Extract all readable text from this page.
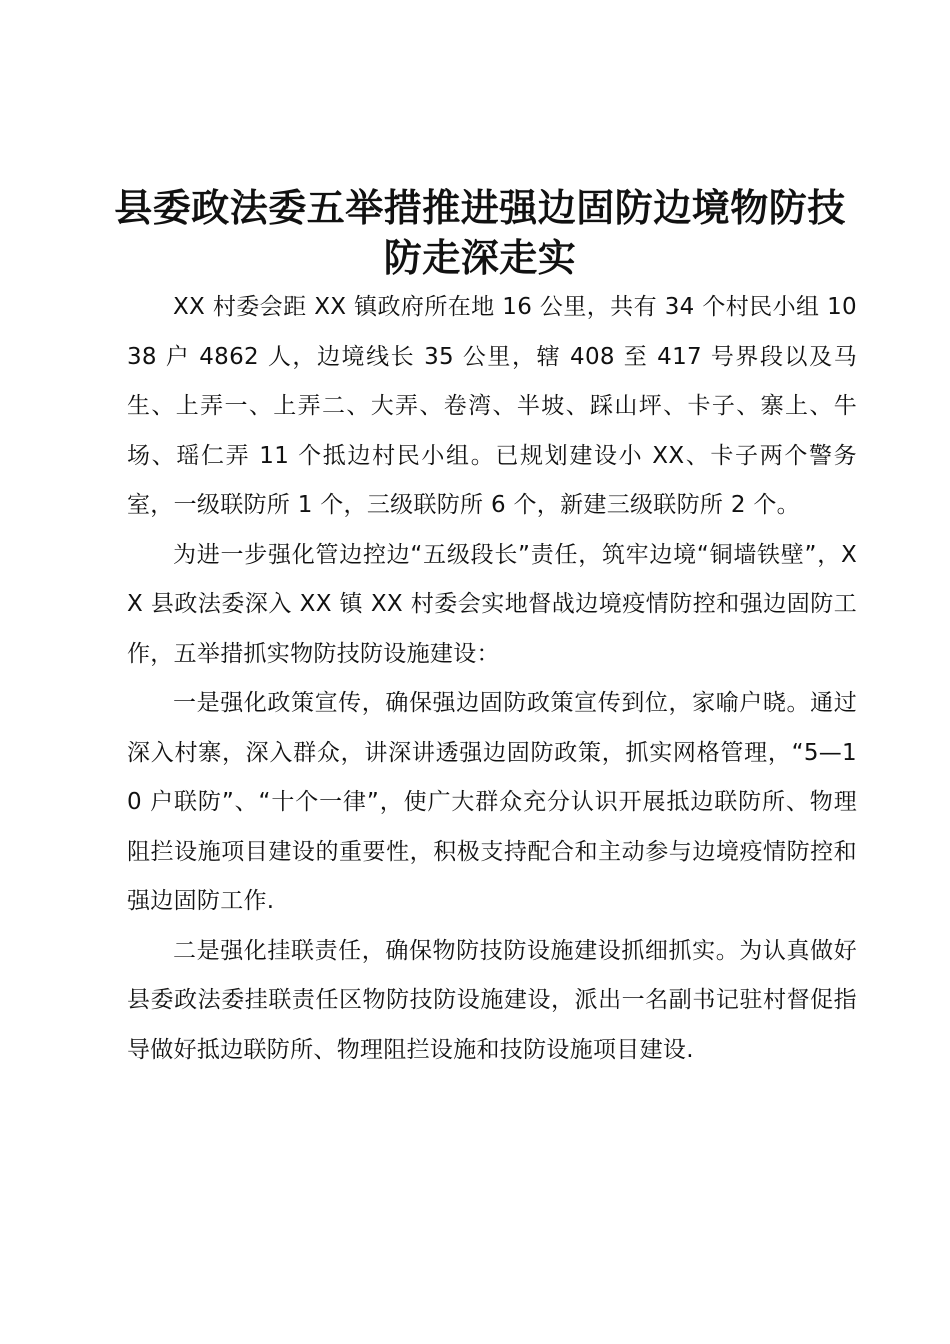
县委政法委五举措推进强边固防边境物防技防走深走实

XX 村委会距 XX 镇政府所在地 16 公里，共有 34 个村民小组 1038 户 4862 人，边境线长 35 公里，辖 408 至 417 号界段以及马生、上弄一、上弄二、大弄、卷湾、半坡、踩山坪、卡子、寨上、牛场、瑶仁弄 11 个抵边村民小组。已规划建设小 XX、卡子两个警务室，一级联防所 1 个，三级联防所 6 个，新建三级联防所 2 个。

为进一步强化管边控边“五级段长”责任，筑牢边境“铜墙铁壁”，XX 县政法委深入 XX 镇 XX 村委会实地督战边境疫情防控和强边固防工作，五举措抓实物防技防设施建设：

一是强化政策宣传，确保强边固防政策宣传到位，家喻户晓。通过深入村寨，深入群众，讲深讲透强边固防政策，抓实网格管理，“5—10 户联防”、“十个一律”，使广大群众充分认识开展抵边联防所、物理阻拦设施项目建设的重要性，积极支持配合和主动参与边境疫情防控和强边固防工作.

二是强化挂联责任，确保物防技防设施建设抓细抓实。为认真做好县委政法委挂联责任区物防技防设施建设，派出一名副书记驻村督促指导做好抵边联防所、物理阻拦设施和技防设施项目建设.
